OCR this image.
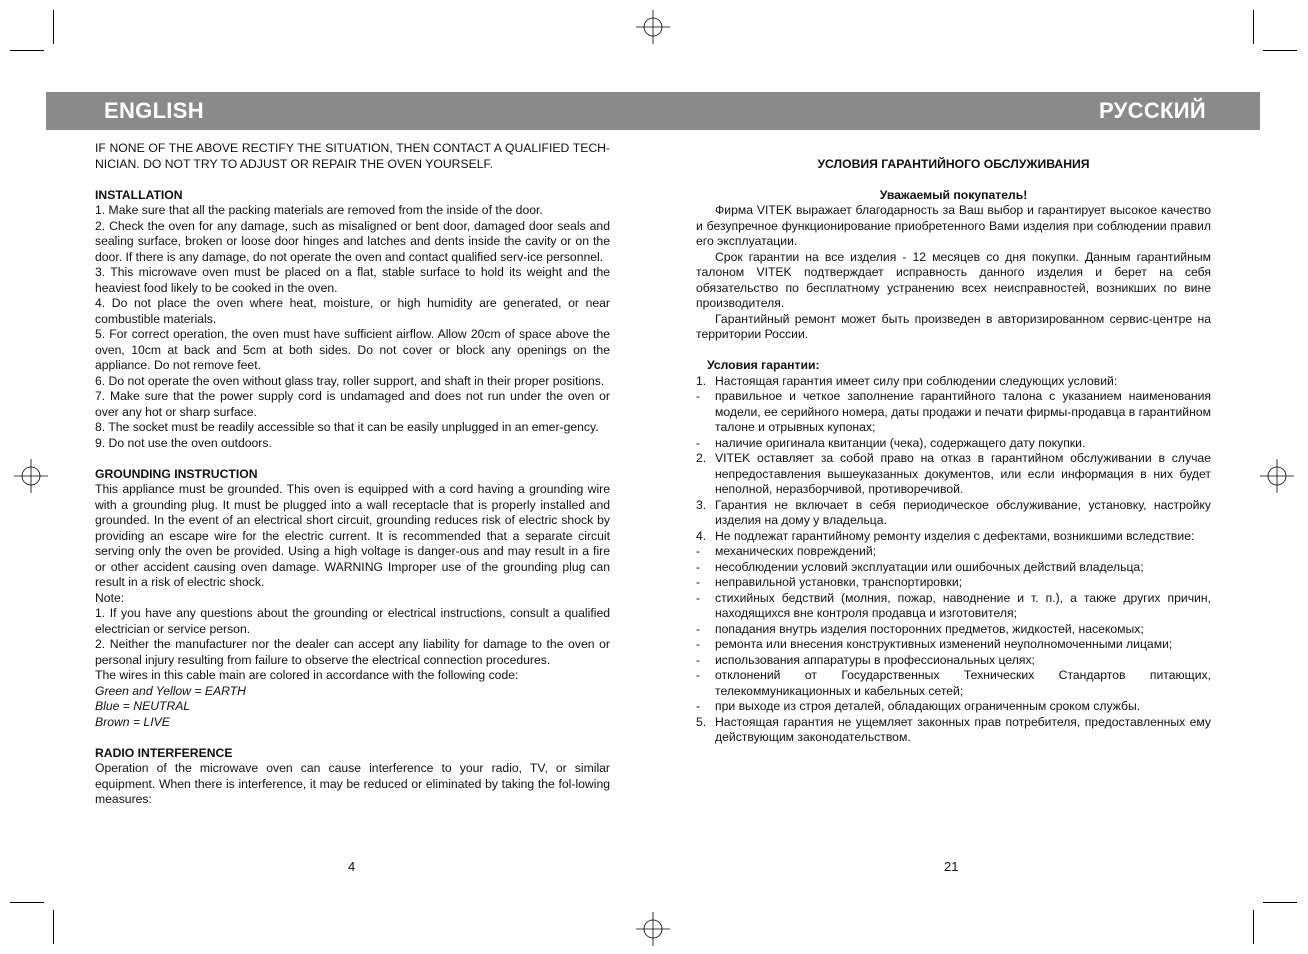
ENGLISH	РУССКИЙ

IF NONE OF THE ABOVE RECTIFY THE SITUATION, THEN CONTACT A QUALIFIED TECH-NICIAN. DO NOT TRY TO ADJUST OR REPAIR THE OVEN YOURSELF.

INSTALLATION

1. Make sure that all the packing materials are removed from the inside of the door.

2. Check the oven for any damage, such as misaligned or bent door, damaged door seals and sealing surface, broken or loose door hinges and latches and dents inside the cavity or on the door. If there is any damage, do not operate the oven and contact qualified serv-ice personnel.

3. This microwave oven must be placed on a flat, stable surface to hold its weight and the heaviest food likely to be cooked in the oven.

4. Do not place the oven where heat, moisture, or high humidity are generated, or near combustible materials.

5. For correct operation, the oven must have sufficient airflow. Allow 20cm of space above the oven, 10cm at back and 5cm at both sides. Do not cover or block any openings on the appliance. Do not remove feet.

6. Do not operate the oven without glass tray, roller support, and shaft in their proper positions.

7. Make sure that the power supply cord is undamaged and does not run under the oven or over any hot or sharp surface.

8. The socket must be readily accessible so that it can be easily unplugged in an emer-gency.

9. Do not use the oven outdoors.

GROUNDING INSTRUCTION

This appliance must be grounded. This oven is equipped with a cord having a grounding wire with a grounding plug. It must be plugged into a wall receptacle that is properly installed and grounded. In the event of an electrical short circuit, grounding reduces risk of electric shock by providing an escape wire for the electric current. It is recommended that a separate circuit serving only the oven be provided. Using a high voltage is danger-ous and may result in a fire or other accident causing oven damage. WARNING Improper use of the grounding plug can result in a risk of electric shock.

Note:

1. If you have any questions about the grounding or electrical instructions, consult a qualified electrician or service person.

2. Neither the manufacturer nor the dealer can accept any liability for damage to the oven or personal injury resulting from failure to observe the electrical connection procedures.

The wires in this cable main are colored in accordance with the following code:

Green and Yellow = EARTH

Blue = NEUTRAL

Brown = LIVE

RADIO INTERFERENCE

Operation of the microwave oven can cause interference to your radio, TV, or similar equipment. When there is interference, it may be reduced or eliminated by taking the fol-lowing measures:

4

УСЛОВИЯ ГАРАНТИЙНОГО ОБСЛУЖИВАНИЯ

Уважаемый покупатель!

Фирма VITEK выражает благодарность за Ваш выбор и гарантирует высокое качество и безупречное функционирование приобретенного Вами изделия при соблюдении правил его эксплуатации.

Срок гарантии на все изделия - 12 месяцев со дня покупки. Данным гарантийным талоном VITEK подтверждает исправность данного изделия и берет на себя обязательство по бесплатному устранению всех неисправностей, возникших по вине производителя.

Гарантийный ремонт может быть произведен в авторизированном сервис-центре на территории России.

Условия гарантии:

1. Настоящая гарантия имеет силу при соблюдении следующих условий:
-	правильное и четкое заполнение гарантийного талона с указанием наименования модели, ее серийного номера, даты продажи и печати фирмы-продавца в гарантийном талоне и отрывных купонах;
-	наличие оригинала квитанции (чека), содержащего дату покупки.
2. VITEK оставляет за собой право на отказ в гарантийном обслуживании в случае непредоставления вышеуказанных документов, или если информация в них будет неполной, неразборчивой, противоречивой.
3. Гарантия не включает в себя периодическое обслуживание, установку, настройку изделия на дому у владельца.
4. Не подлежат гарантийному ремонту изделия с дефектами, возникшими вследствие:
-	механических повреждений;
-	несоблюдении условий эксплуатации или ошибочных действий владельца;
-	неправильной установки, транспортировки;
-	стихийных бедствий (молния, пожар, наводнение и т. п.), а также других причин, находящихся вне контроля продавца и изготовителя;
-	попадания внутрь изделия посторонних предметов, жидкостей, насекомых;
-	ремонта или внесения конструктивных изменений неуполномоченными лицами;
-	использования аппаратуры в профессиональных целях;
-	отклонений от Государственных Технических Стандартов питающих, телекоммуникационных и кабельных сетей;
-	при выходе из строя деталей, обладающих ограниченным сроком службы.
5. Настоящая гарантия не ущемляет законных прав потребителя, предоставленных ему действующим законодательством.
21
